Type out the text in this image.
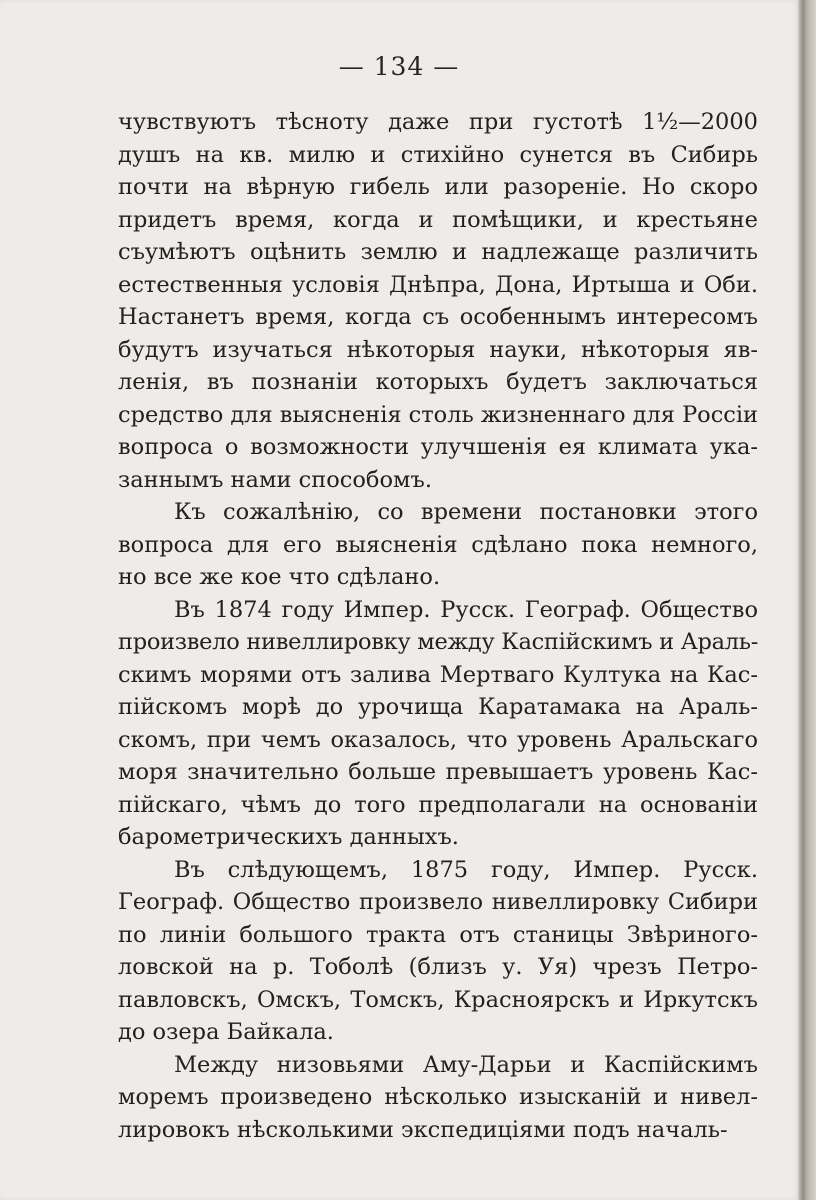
— 134 —
чувствуютъ тѣсноту даже при густотѣ 1½—2000
душъ на кв. милю и стихійно сунется въ Сибирь
почти на вѣрную гибель или разореніе. Но скоро
придетъ время, когда и помѣщики, и крестьяне
съумѣютъ оцѣнить землю и надлежаще различить
естественныя условія Днѣпра, Дона, Иртыша и Оби.
Настанетъ время, когда съ особеннымъ интересомъ
будутъ изучаться нѣкоторыя науки, нѣкоторыя яв-
ленія, въ познаніи которыхъ будетъ заключаться
средство для выясненія столь жизненнаго для Россіи
вопроса о возможности улучшенія ея климата ука-
заннымъ нами способомъ.
Къ сожалѣнію, со времени постановки этого
вопроса для его выясненія сдѣлано пока немного,
но все же кое что сдѣлано.
Въ 1874 году Импер. Русск. Географ. Общество
произвело нивеллировку между Каспійскимъ и Араль-
скимъ морями отъ залива Мертваго Култука на Кас-
пійскомъ морѣ до урочища Каратамака на Араль-
скомъ, при чемъ оказалось, что уровень Аральскаго
моря значительно больше превышаетъ уровень Кас-
пійскаго, чѣмъ до того предполагали на основаніи
барометрическихъ данныхъ.
Въ слѣдующемъ, 1875 году, Импер. Русск.
Географ. Общество произвело нивеллировку Сибири
по линіи большого тракта отъ станицы Звѣриного-
ловской на р. Тоболѣ (близъ у. Уя) чрезъ Петро-
павловскъ, Омскъ, Томскъ, Красноярскъ и Иркутскъ
до озера Байкала.
Между низовьями Аму-Дарьи и Каспійскимъ
моремъ произведено нѣсколько изысканій и нивел-
лировокъ нѣсколькими экспедиціями подъ началь-
